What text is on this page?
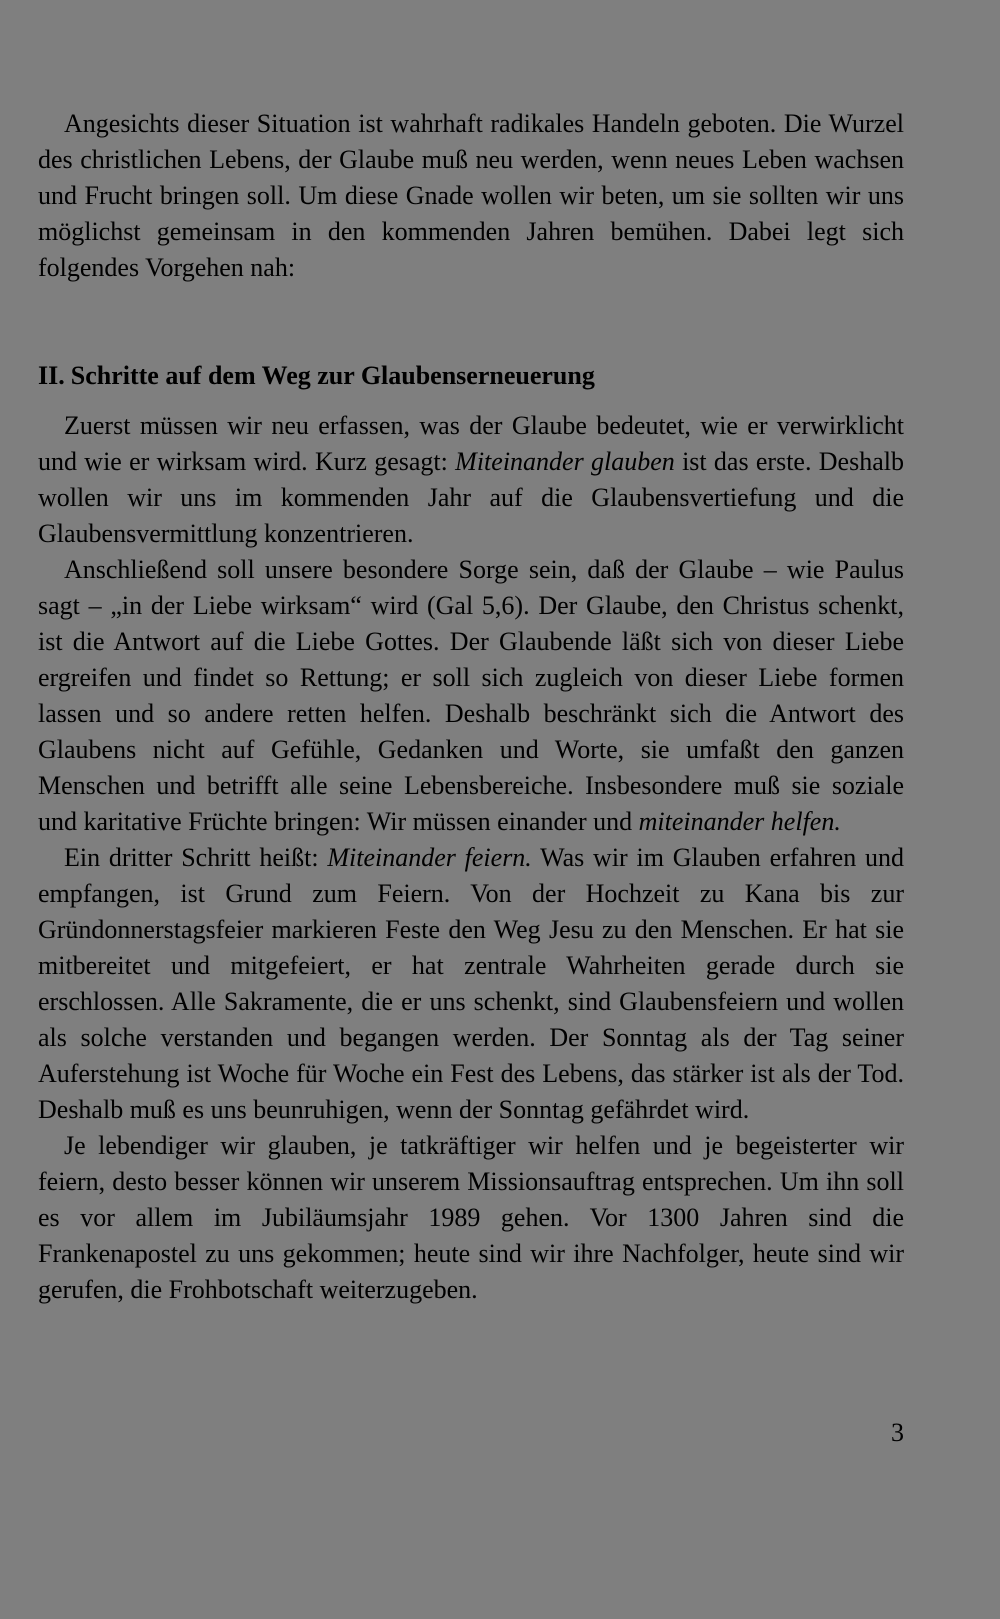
Angesichts dieser Situation ist wahrhaft radikales Handeln geboten. Die Wurzel des christlichen Lebens, der Glaube muß neu werden, wenn neues Leben wachsen und Frucht bringen soll. Um diese Gnade wollen wir beten, um sie sollten wir uns möglichst gemeinsam in den kommenden Jahren bemühen. Dabei legt sich folgendes Vorgehen nah:

II. Schritte auf dem Weg zur Glaubenserneuerung

Zuerst müssen wir neu erfassen, was der Glaube bedeutet, wie er verwirklicht und wie er wirksam wird. Kurz gesagt: Miteinander glauben ist das erste. Deshalb wollen wir uns im kommenden Jahr auf die Glaubensvertiefung und die Glaubensvermittlung konzentrieren.

Anschließend soll unsere besondere Sorge sein, daß der Glaube – wie Paulus sagt – „in der Liebe wirksam“ wird (Gal 5,6). Der Glaube, den Christus schenkt, ist die Antwort auf die Liebe Gottes. Der Glaubende läßt sich von dieser Liebe ergreifen und findet so Rettung; er soll sich zugleich von dieser Liebe formen lassen und so andere retten helfen. Deshalb beschränkt sich die Antwort des Glaubens nicht auf Gefühle, Gedanken und Worte, sie umfaßt den ganzen Menschen und betrifft alle seine Lebensbereiche. Insbesondere muß sie soziale und karitative Früchte bringen: Wir müssen einander und miteinander helfen.

Ein dritter Schritt heißt: Miteinander feiern. Was wir im Glauben erfahren und empfangen, ist Grund zum Feiern. Von der Hochzeit zu Kana bis zur Gründonnerstagsfeier markieren Feste den Weg Jesu zu den Menschen. Er hat sie mitbereitet und mitgefeiert, er hat zentrale Wahrheiten gerade durch sie erschlossen. Alle Sakramente, die er uns schenkt, sind Glaubensfeiern und wollen als solche verstanden und begangen werden. Der Sonntag als der Tag seiner Auferstehung ist Woche für Woche ein Fest des Lebens, das stärker ist als der Tod. Deshalb muß es uns beunruhigen, wenn der Sonntag gefährdet wird.

Je lebendiger wir glauben, je tatkräftiger wir helfen und je begeisterter wir feiern, desto besser können wir unserem Missionsauftrag entsprechen. Um ihn soll es vor allem im Jubiläumsjahr 1989 gehen. Vor 1300 Jahren sind die Frankenapostel zu uns gekommen; heute sind wir ihre Nachfolger, heute sind wir gerufen, die Frohbotschaft weiterzugeben.

3
